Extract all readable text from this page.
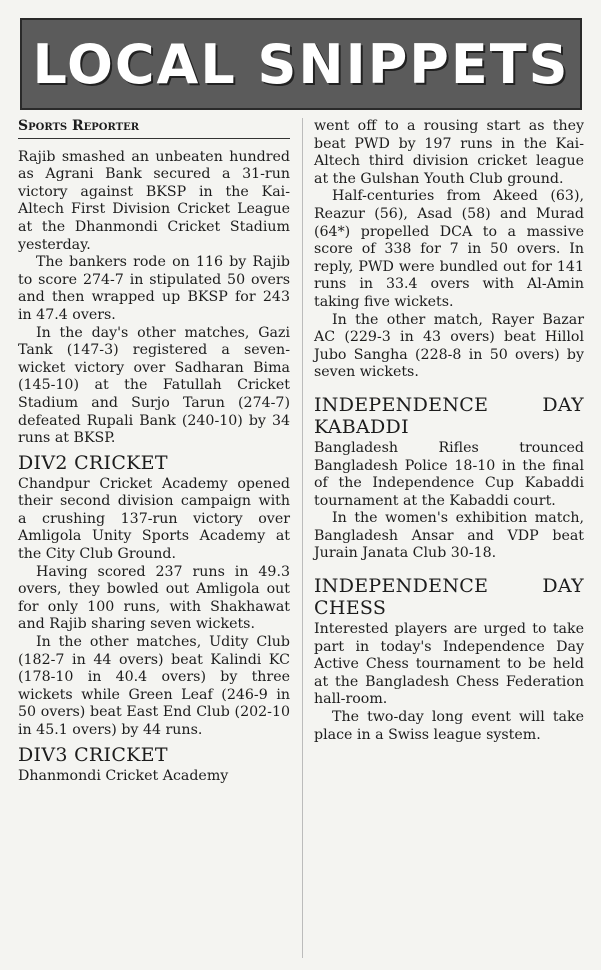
LOCAL SNIPPETS
Sports Reporter

Rajib smashed an unbeaten hundred as Agrani Bank secured a 31-run victory against BKSP in the Kai-Altech First Division Cricket League at the Dhanmondi Cricket Stadium yesterday.

The bankers rode on 116 by Rajib to score 274-7 in stipulated 50 overs and then wrapped up BKSP for 243 in 47.4 overs.

In the day's other matches, Gazi Tank (147-3) registered a seven-wicket victory over Sadharan Bima (145-10) at the Fatullah Cricket Stadium and Surjo Tarun (274-7) defeated Rupali Bank (240-10) by 34 runs at BKSP.

DIV2 CRICKET

Chandpur Cricket Academy opened their second division campaign with a crushing 137-run victory over Amligola Unity Sports Academy at the City Club Ground.

Having scored 237 runs in 49.3 overs, they bowled out Amligola out for only 100 runs, with Shakhawat and Rajib sharing seven wickets.

In the other matches, Udity Club (182-7 in 44 overs) beat Kalindi KC (178-10 in 40.4 overs) by three wickets while Green Leaf (246-9 in 50 overs) beat East End Club (202-10 in 45.1 overs) by 44 runs.

DIV3 CRICKET

Dhanmondi Cricket Academy

went off to a rousing start as they beat PWD by 197 runs in the Kai-Altech third division cricket league at the Gulshan Youth Club ground.

Half-centuries from Akeed (63), Reazur (56), Asad (58) and Murad (64*) propelled DCA to a massive score of 338 for 7 in 50 overs. In reply, PWD were bundled out for 141 runs in 33.4 overs with Al-Amin taking five wickets.

In the other match, Rayer Bazar AC (229-3 in 43 overs) beat Hillol Jubo Sangha (228-8 in 50 overs) by seven wickets.

INDEPENDENCE DAY KABADDI

Bangladesh Rifles trounced Bangladesh Police 18-10 in the final of the Independence Cup Kabaddi tournament at the Kabaddi court.

In the women's exhibition match, Bangladesh Ansar and VDP beat Jurain Janata Club 30-18.

INDEPENDENCE DAY CHESS

Interested players are urged to take part in today's Independence Day Active Chess tournament to be held at the Bangladesh Chess Federation hall-room.

The two-day long event will take place in a Swiss league system.
